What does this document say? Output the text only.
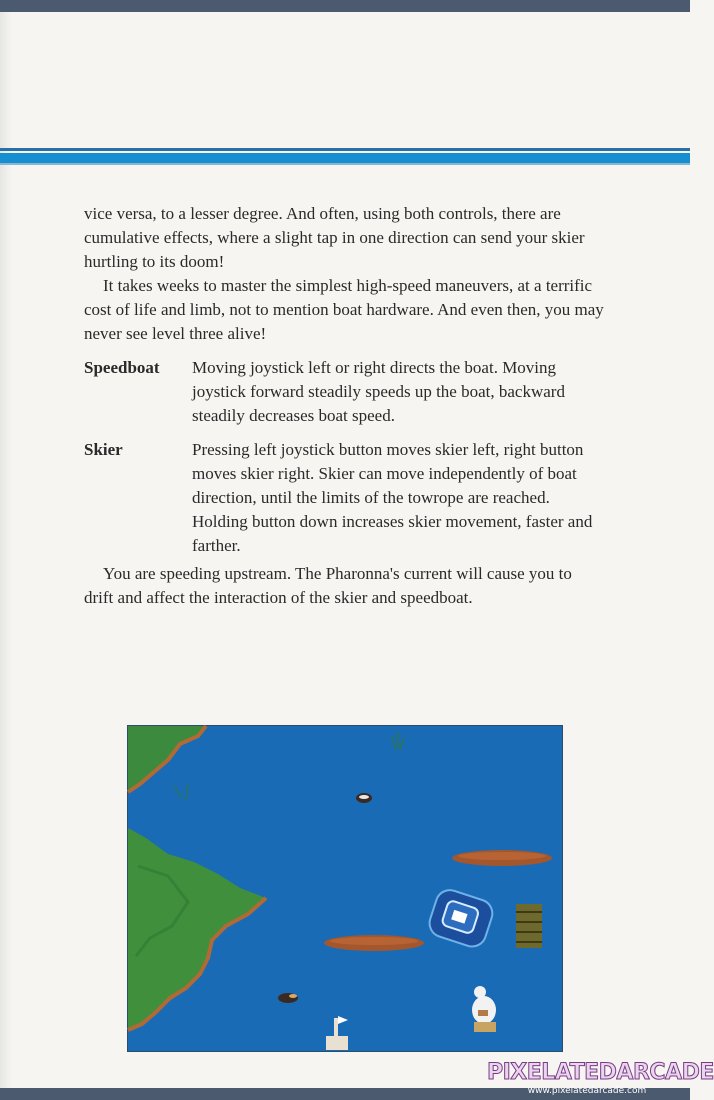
vice versa, to a lesser degree. And often, using both controls, there are cumulative effects, where a slight tap in one direction can send your skier hurtling to its doom!

It takes weeks to master the simplest high-speed maneuvers, at a terrific cost of life and limb, not to mention boat hardware. And even then, you may never see level three alive!

Speedboat	Moving joystick left or right directs the boat. Moving joystick forward steadily speeds up the boat, backward steadily decreases boat speed.
Skier	Pressing left joystick button moves skier left, right button moves skier right. Skier can move independently of boat direction, until the limits of the towrope are reached. Holding button down increases skier movement, faster and farther.

You are speeding upstream. The Pharonna's current will cause you to drift and affect the interaction of the skier and speedboat.

PIXELATEDARCADE
www.pixelatedarcade.com
